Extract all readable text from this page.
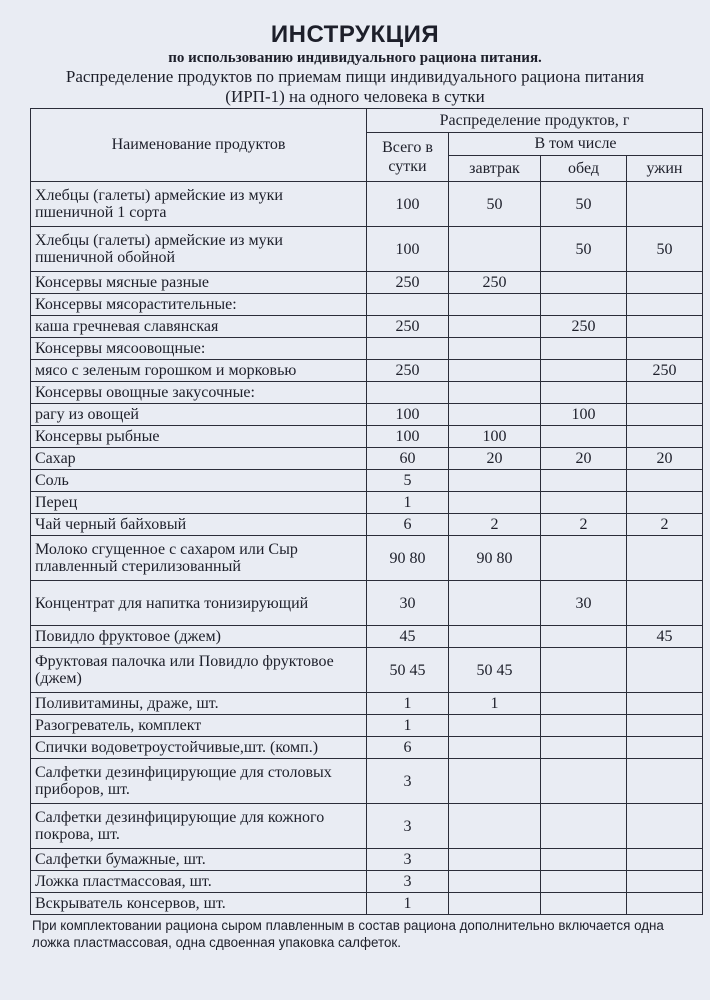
ИНСТРУКЦИЯ
по использованию индивидуального рациона питания.
Распределение продуктов по приемам пищи индивидуального рациона питания
(ИРП-1) на одного человека в сутки
Наименование продуктов	Распределение продуктов, г			
	Всего в сутки	В том числе		
		завтрак	обед	ужин
Хлебцы (галеты) армейские из муки пшеничной 1 сорта	100	50	50	
Хлебцы (галеты) армейские из муки пшеничной обойной	100		50	50
Консервы мясные разные	250	250		
Консервы мясорастительные:				
каша гречневая славянская	250		250	
Консервы мясоовощные:				
мясо с зеленым горошком и морковью	250			250
Консервы овощные закусочные:				
рагу из овощей	100		100	
Консервы рыбные	100	100		
Сахар	60	20	20	20
Соль	5			
Перец	1			
Чай черный байховый	6	2	2	2
Молоко сгущенное с сахаром или Сыр плавленный стерилизованный	90 80	90 80		
Концентрат для напитка тонизирующий	30		30	
Повидло фруктовое (джем)	45			45
Фруктовая палочка или Повидло фруктовое (джем)	50 45	50 45		
Поливитамины, драже, шт.	1	1		
Разогреватель, комплект	1			
Спички водоветроустойчивые,шт. (комп.)	6			
Салфетки дезинфицирующие для столовых приборов, шт.	3			
Салфетки дезинфицирующие для кожного покрова, шт.	3			
Салфетки бумажные, шт.	3			
Ложка пластмассовая, шт.	3			
Вскрыватель консервов, шт.	1			
При комплектовании рациона сыром плавленным в состав рациона дополнительно включается одна ложка пластмассовая, одна сдвоенная упаковка салфеток.
